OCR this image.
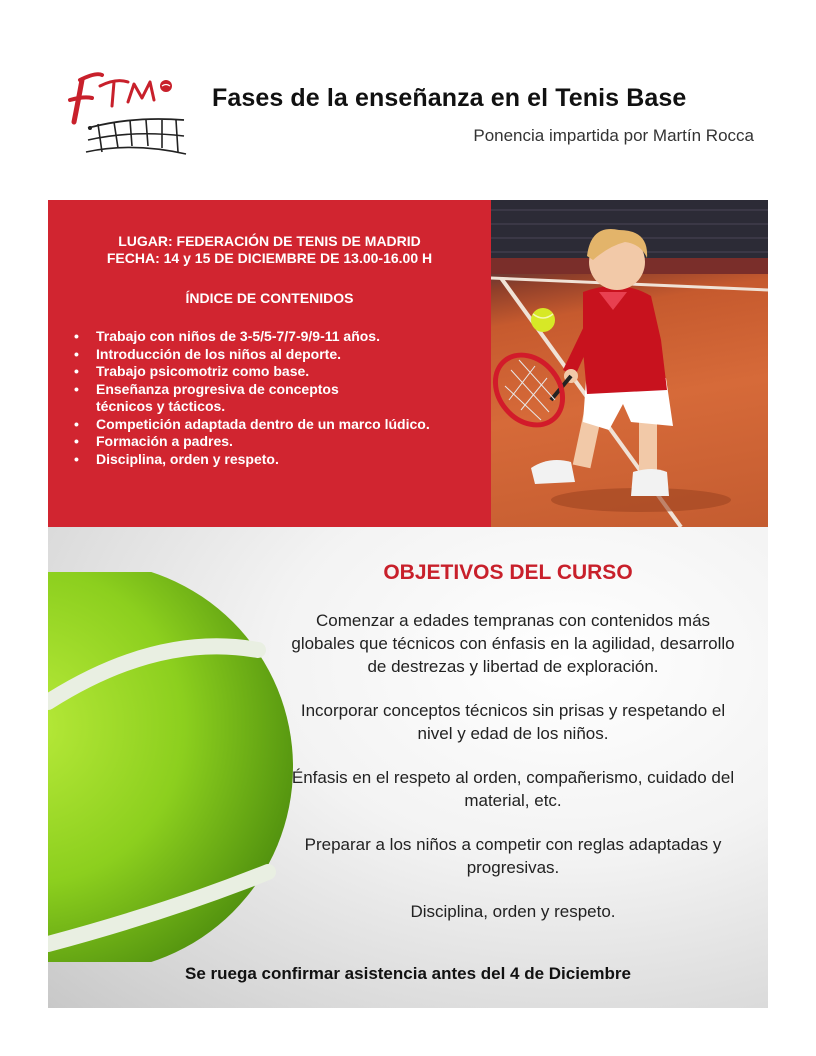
Fases de la enseñanza en el Tenis Base
Ponencia impartida por Martín Rocca
LUGAR: FEDERACIÓN DE TENIS DE MADRID
FECHA: 14 y 15 DE DICIEMBRE DE 13.00-16.00 H
ÍNDICE DE CONTENIDOS
• Trabajo con niños de 3-5/5-7/7-9/9-11 años.
• Introducción de los niños al deporte.
• Trabajo psicomotriz como base.
• Enseñanza progresiva de conceptos técnicos y tácticos.
• Competición adaptada dentro de un marco lúdico.
• Formación a padres.
• Disciplina, orden y respeto.
OBJETIVOS DEL CURSO
Comenzar a edades tempranas con contenidos más globales que técnicos con énfasis en la agilidad, desarrollo de destrezas y libertad de exploración.
Incorporar conceptos técnicos sin prisas y respetando el nivel y edad de los niños.
Énfasis en el respeto al orden, compañerismo, cuidado del material, etc.
Preparar a los niños a competir con reglas adaptadas y progresivas.
Disciplina, orden y respeto.
Se ruega confirmar asistencia antes del 4 de Diciembre
